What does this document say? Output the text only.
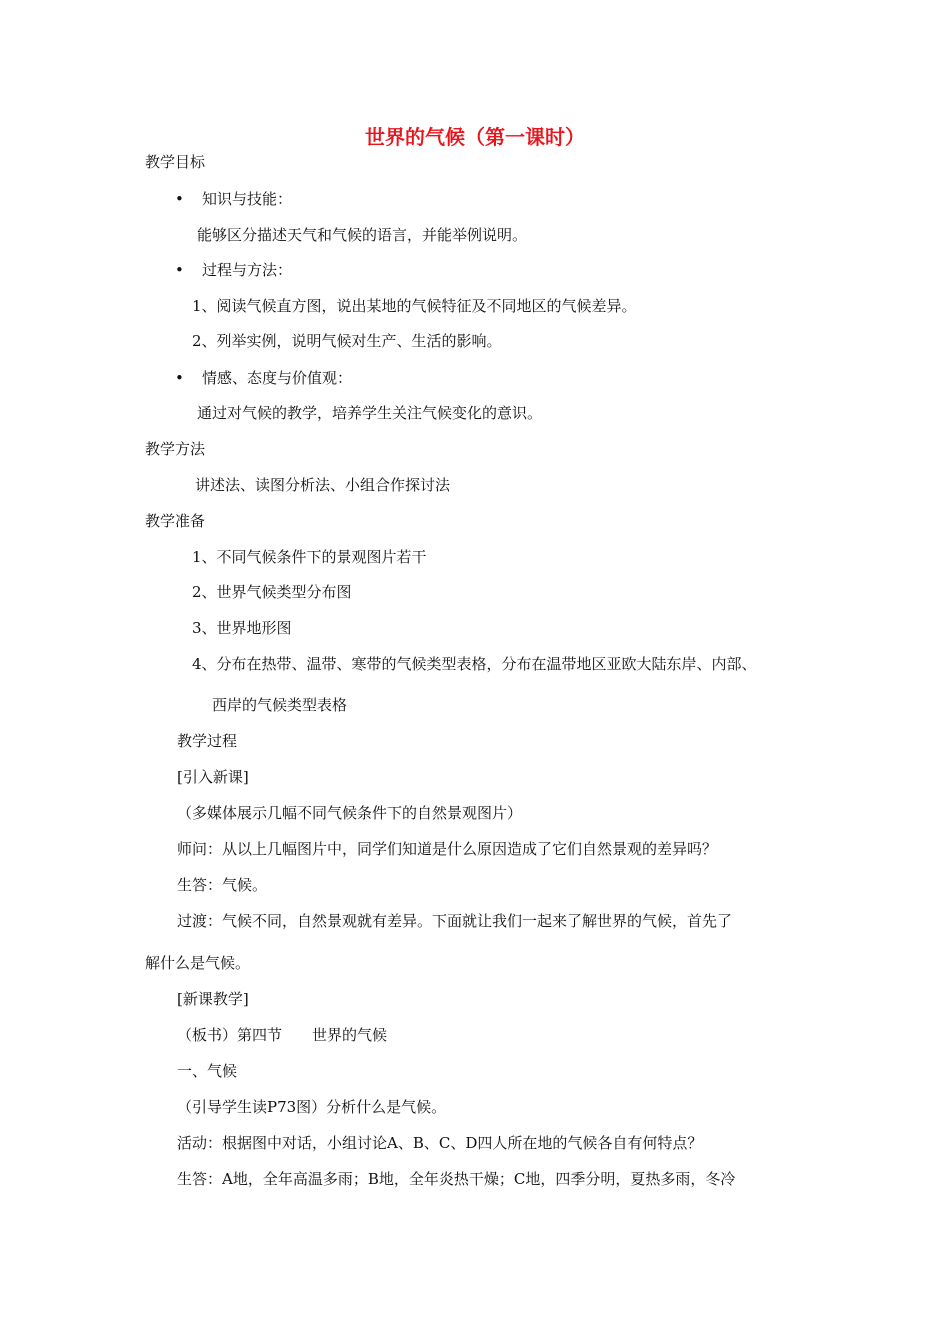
世界的气候（第一课时）
教学目标
• 知识与技能：
能够区分描述天气和气候的语言，并能举例说明。
• 过程与方法：
1、阅读气候直方图，说出某地的气候特征及不同地区的气候差异。
2、列举实例，说明气候对生产、生活的影响。
• 情感、态度与价值观：
通过对气候的教学，培养学生关注气候变化的意识。
教学方法
讲述法、读图分析法、小组合作探讨法
教学准备
1、不同气候条件下的景观图片若干
2、世界气候类型分布图
3、世界地形图
4、分布在热带、温带、寒带的气候类型表格，分布在温带地区亚欧大陆东岸、内部、
西岸的气候类型表格
教学过程
[引入新课]
（多媒体展示几幅不同气候条件下的自然景观图片）
师问：从以上几幅图片中，同学们知道是什么原因造成了它们自然景观的差异吗？
生答：气候。
过渡：气候不同，自然景观就有差异。下面就让我们一起来了解世界的气候，首先了
解什么是气候。
[新课教学]
（板书）第四节　　世界的气候
一、气候
（引导学生读P73图）分析什么是气候。
活动：根据图中对话，小组讨论A、B、C、D四人所在地的气候各自有何特点？
生答：A地，全年高温多雨；B地，全年炎热干燥；C地，四季分明，夏热多雨，冬冷
